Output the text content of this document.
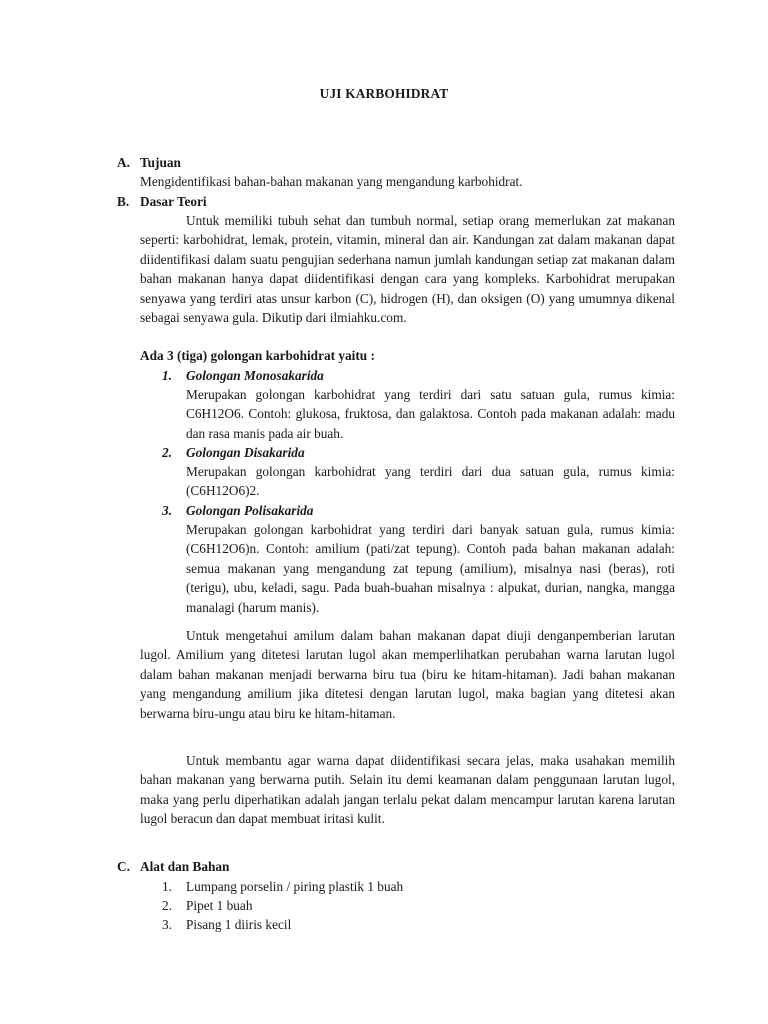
UJI KARBOHIDRAT
A. Tujuan
Mengidentifikasi bahan-bahan makanan yang mengandung karbohidrat.
B. Dasar Teori

Untuk memiliki tubuh sehat dan tumbuh normal, setiap orang memerlukan zat makanan seperti: karbohidrat, lemak, protein, vitamin, mineral dan air. Kandungan zat dalam makanan dapat diidentifikasi dalam suatu pengujian sederhana namun jumlah kandungan setiap zat makanan dalam bahan makanan hanya dapat diidentifikasi dengan cara yang kompleks. Karbohidrat merupakan senyawa yang terdiri atas unsur karbon (C), hidrogen (H), dan oksigen (O) yang umumnya dikenal sebagai senyawa gula. Dikutip dari ilmiahku.com.

Ada 3 (tiga) golongan karbohidrat yaitu :
1. Golongan Monosakarida

Merupakan golongan karbohidrat yang terdiri dari satu satuan gula, rumus kimia: C6H12O6. Contoh: glukosa, fruktosa, dan galaktosa. Contoh pada makanan adalah: madu dan rasa manis pada air buah.

2. Golongan Disakarida

Merupakan golongan karbohidrat yang terdiri dari dua satuan gula, rumus kimia: (C6H12O6)2.

3. Golongan Polisakarida

Merupakan golongan karbohidrat yang terdiri dari banyak satuan gula, rumus kimia: (C6H12O6)n. Contoh: amilium (pati/zat tepung). Contoh pada bahan makanan adalah: semua makanan yang mengandung zat tepung (amilium), misalnya nasi (beras), roti (terigu), ubu, keladi, sagu. Pada buah-buahan misalnya : alpukat, durian, nangka, mangga manalagi (harum manis).

Untuk mengetahui amilum dalam bahan makanan dapat diuji denganpemberian larutan lugol. Amilium yang ditetesi larutan lugol akan memperlihatkan perubahan warna larutan lugol dalam bahan makanan menjadi berwarna biru tua (biru ke hitam-hitaman). Jadi bahan makanan yang mengandung amilium jika ditetesi dengan larutan lugol, maka bagian yang ditetesi akan berwarna biru-ungu atau biru ke hitam-hitaman.

Untuk membantu agar warna dapat diidentifikasi secara jelas, maka usahakan memilih bahan makanan yang berwarna putih. Selain itu demi keamanan dalam penggunaan larutan lugol, maka yang perlu diperhatikan adalah jangan terlalu pekat dalam mencampur larutan karena larutan lugol beracun dan dapat membuat iritasi kulit.

C. Alat dan Bahan
1. Lumpang porselin / piring plastik 1 buah
2. Pipet 1 buah
3. Pisang 1 diiris kecil
